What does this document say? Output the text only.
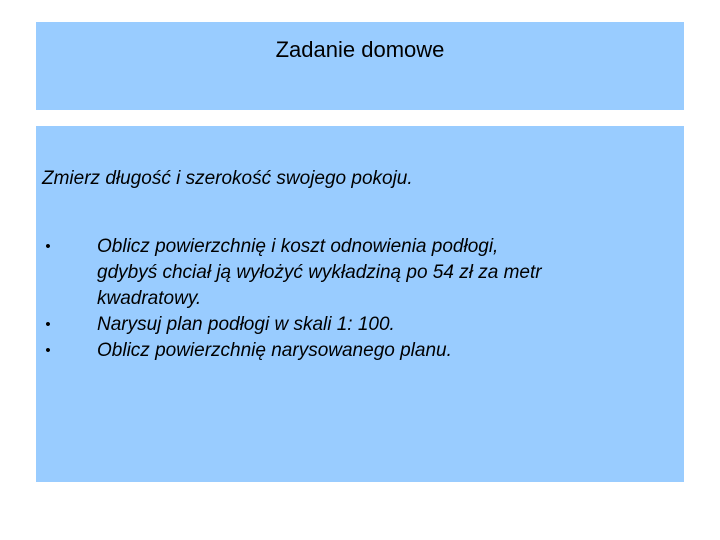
Zadanie domowe
Zmierz długość i szerokość swojego pokoju.
• Oblicz powierzchnię i koszt odnowienia podłogi,
gdybyś chciał ją wyłożyć wykładziną po 54 zł za metr
kwadratowy.
• Narysuj plan podłogi w skali 1: 100.
• Oblicz powierzchnię narysowanego planu.
